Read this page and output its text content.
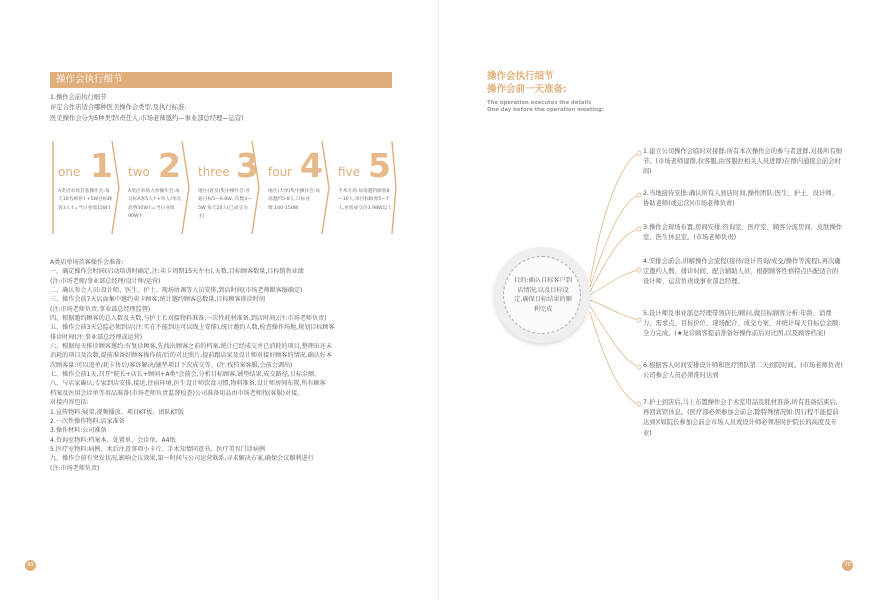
操作会执行细节
1.操作会前执行细节
评定合作店适合哪种医美操作会类型,及执行标准:
医美操作会分为5种类型(责任人:市场老师邀约—事业部总经理—运营)
one 1
A类店单场首客操作会:每天10名顾客↑+5W目标顾客3人↑=当日业绩15W↑
two 2
A类店单场大单操作会:每日标A客5人↑+单人/单次消费30W↑=当日业绩90W↑
three 3
地区(普及)集中操作会:普通目标5—9.8W, 次数3—5W 每天20人(已成交为主)
four 4
地区(大单)集中操作会:每场邀约5-8人,日标业绩:100-150W
five 5
手术专场:每场邀约顾客8—10人,单目标顾客5—7人,单客成交价3.98W以上
A类店单场首客操作会准备:
一、确定操作会时间(启动培训时确定,注:卖卡周期15天左右),天数,目标顾客数量,目标销售业绩
(注:市场老师/事业部总经理/设计师/运营)
二、确认参会人员:设计师、医生、护士、现场协调等人员安排,到店时间(市场老师跟客服确定)
三、操作会前7天店面集中邀约卖卡顾客;统计邀约顾客总数量,目标顾客排诊时间
(注:市场老师负责,事业部总经理监督)
四、根据邀约顾客的总人数及天数,与护士长对接物料准备,一次性耗材准备,到店时间,(注:市场老师负责)
五、操作会前3天总监必须到店(注:实在不能到达可以线上安排),统计邀约人数,检查操作场地,规划目标顾客
排诊时间(注:事业部总经理或运营)
六、根据每天排诊顾客邀约:有复诊顾客,先找出顾客之前的档案,统计已经成交并已消耗的项目,整理出还未
消耗的项目及次数,提前准备好顾客操作前/后的对比照片,提前跟店家及设计师对接好顾客的情况,确认好本
次顾客量:可以追单/耗卡售后/客诉解决/铺垫项目下次成交等。(注:找档案客服,会前会调出)
七、操作会前1天,召开"院长+店长+顾问+A类"会前会,分析目标顾客,铺垫结果,成交路径,目标金额。
八、与店家确认:专家到店安排,接送,住宿环境,医生设计师饮食习惯,物料准备,设计师房间布置,所有顾客
档案及医用会诊单等用品准备(市场老师负责监督检查)公司准备用品由市场老师找(客服)对接。
对接内容包括:
1.宣传物料:展架,视频播放、项目KT板、团队KT版
2.一次性操作物料:店家准备
3.操作材料:公司准备
4.咨询室物料:档案本、处置单、会诊单、A4纸
5.医疗室物料:病例、术后注意事项小卡片、手术知情同意书、医疗美容门诊病例
九、操作会前有突发状况,影响会议效果,第一时间与公司运营联系,寻求解决方案,确保会议顺利进行
(注:市场老师负责)
69
操作会执行细节
操作会前一天准备:
The operation executes the details
One day before the operation meeting:
目的:确认目标客户到店情况,以及目标设定,确保目标结果的顺利完成
1.建立公司操作会临时对接群:所有本次操作会的参与者进群,对接所有细节。(市场老师建群,拉客服,由客服拉相关人员进群)在群内通报会前会时间)
2.当地接待安排:确认所有人到店时间,操作团队:医生、护士、设计师、协助老师(或运营)(市场老师负责)
3.操作会现场布置,房间安排:咨询室、医疗室、顾客分流房间、皮肤操作室、医生休息室。(市场老师负责)
4.安排会前会,讲解操作会流程(接待/设计咨询/成交/操作等流程),再次确定邀约人数、排诊时间、配合辅助人员、根据顾客性格特点匹配适合的设计师、运营负责或事业部总经理。
5.设计师及事业部总经理带领店长/顾问,做目标顾客分析:年龄、消费力、需求点、目标价位、现场配合、成交方案、并统计每天目标总金额:全力完成。(★复诊顾客提前准备好操作前后对比图,以及顾客档案)
6.根据客人时间安排设计师和医疗团队第二天到院时间。(市场老师负责)公司参会人员必须准时达到
7.护士到店后,马上布置操作会手术室用品及耗材准备,所有准备结束后,再回宾馆休息。(医疗部必须参加会前会,除特殊情况如:因行程不能提前达到)(如院长参加会前会市场人员或设计师必须准时护院长的高度及专业)
70
